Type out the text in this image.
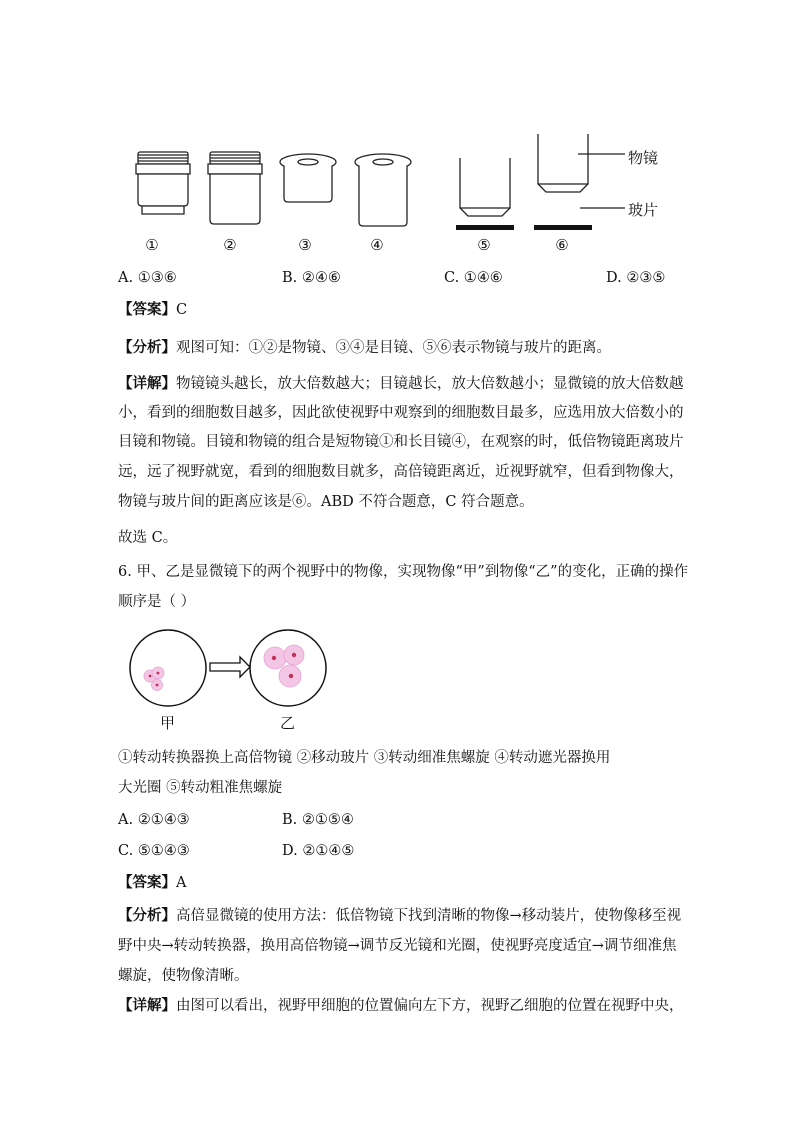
物镜
玻片
①	②	③	④	⑤	⑥
A. ①③⑥	B. ②④⑥	C. ①④⑥	D. ②③⑤
【答案】C
【分析】观图可知：①②是物镜、③④是目镜、⑤⑥表示物镜与玻片的距离。
【详解】物镜镜头越长，放大倍数越大；目镜越长，放大倍数越小；显微镜的放大倍数越
小，看到的细胞数目越多，因此欲使视野中观察到的细胞数目最多，应选用放大倍数小的
目镜和物镜。目镜和物镜的组合是短物镜①和长目镜④，在观察的时，低倍物镜距离玻片
远，远了视野就宽，看到的细胞数目就多，高倍镜距离近，近视野就窄，但看到物像大，
物镜与玻片间的距离应该是⑥。ABD 不符合题意，C 符合题意。
故选 C。
6. 甲、乙是显微镜下的两个视野中的物像，实现物像“甲”到物像“乙”的变化，正确的操作
顺序是（ ）
甲	乙
①转动转换器换上高倍物镜 ②移动玻片 ③转动细准焦螺旋 ④转动遮光器换用
大光圈 ⑤转动粗准焦螺旋
A. ②①④③	B. ②①⑤④
C. ⑤①④③	D. ②①④⑤
【答案】A
【分析】高倍显微镜的使用方法：低倍物镜下找到清晰的物像→移动装片，使物像移至视
野中央→转动转换器，换用高倍物镜→调节反光镜和光圈，使视野亮度适宜→调节细准焦
螺旋，使物像清晰。
【详解】由图可以看出，视野甲细胞的位置偏向左下方，视野乙细胞的位置在视野中央，
